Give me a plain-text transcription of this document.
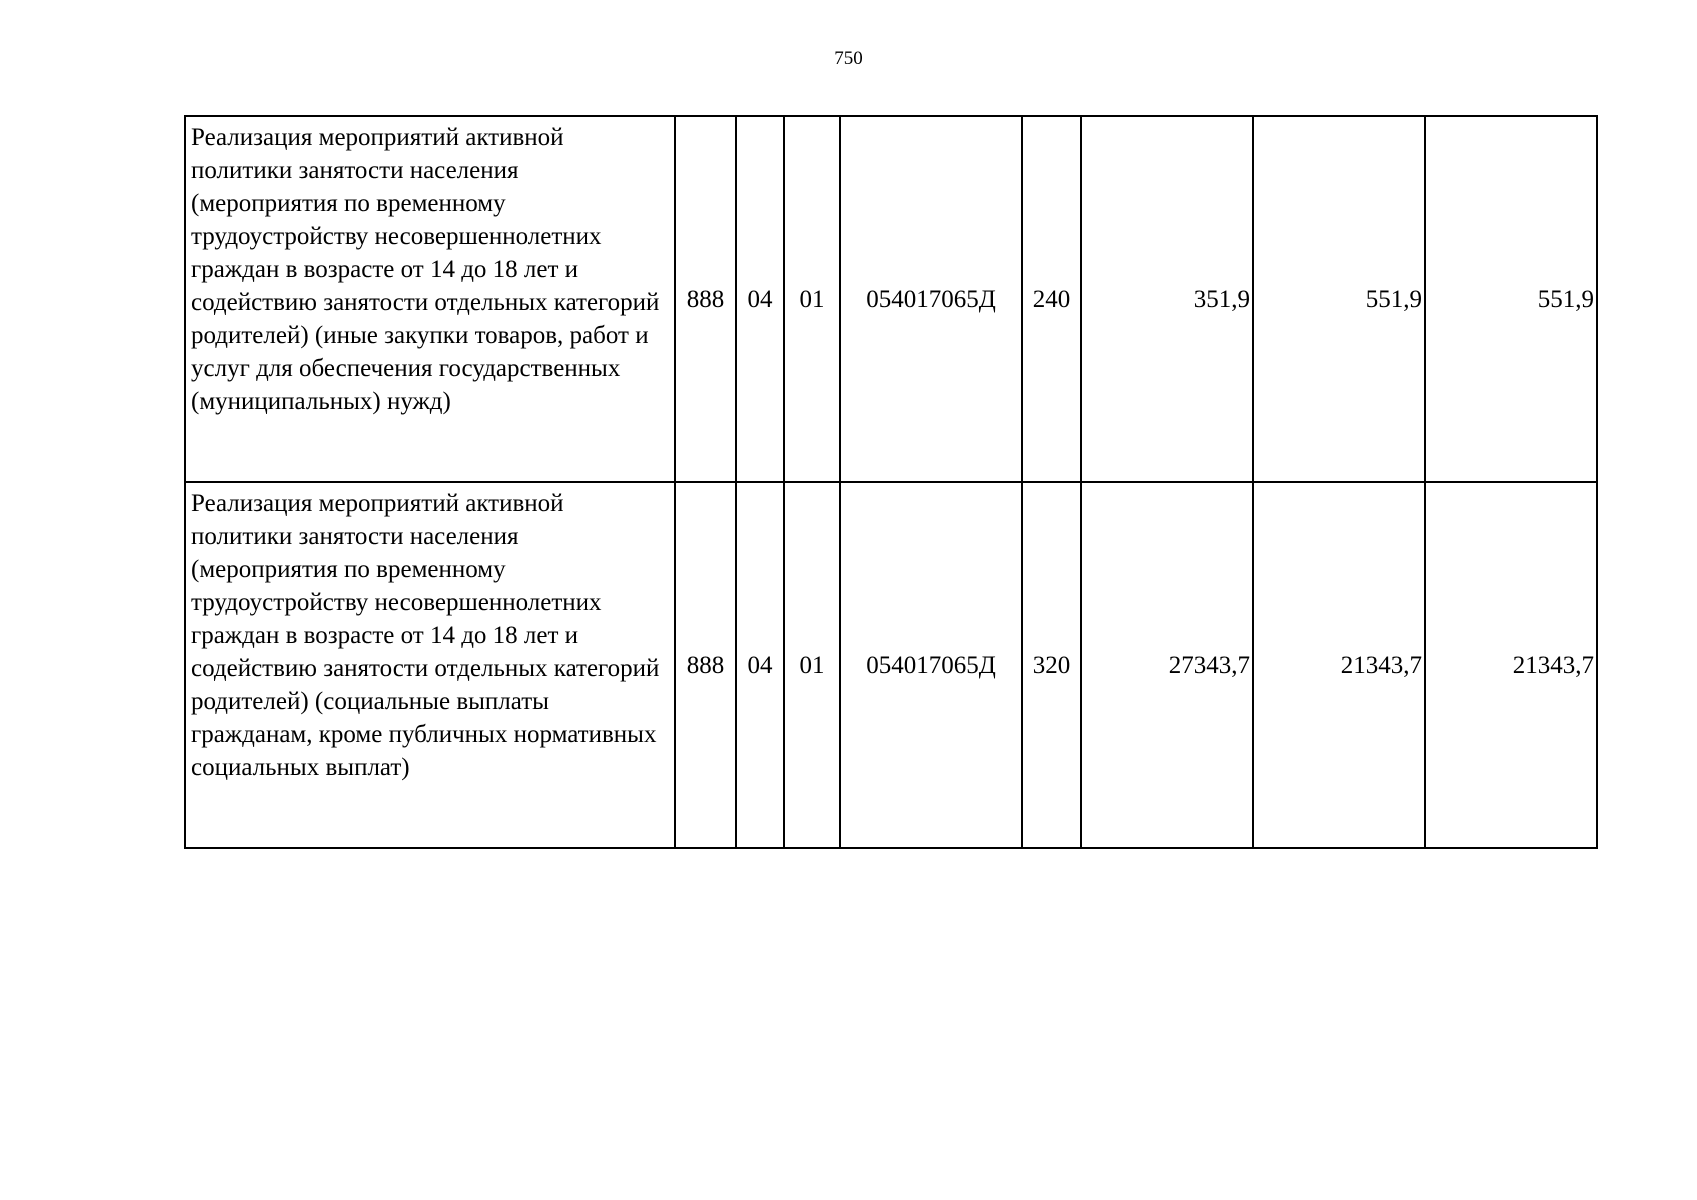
750
Реализация мероприятий активной политики занятости населения (мероприятия по временному трудоустройству несовершеннолетних граждан в возрасте от 14 до 18 лет и содействию занятости отдельных категорий родителей) (иные закупки товаров, работ и услуг для обеспечения государственных (муниципальных) нужд)	888	04	01	054017065Д	240	351,9	551,9	551,9
Реализация мероприятий активной политики занятости населения (мероприятия по временному трудоустройству несовершеннолетних граждан в возрасте от 14 до 18 лет и содействию занятости отдельных категорий родителей) (социальные выплаты гражданам, кроме публичных нормативных социальных выплат)	888	04	01	054017065Д	320	27343,7	21343,7	21343,7
